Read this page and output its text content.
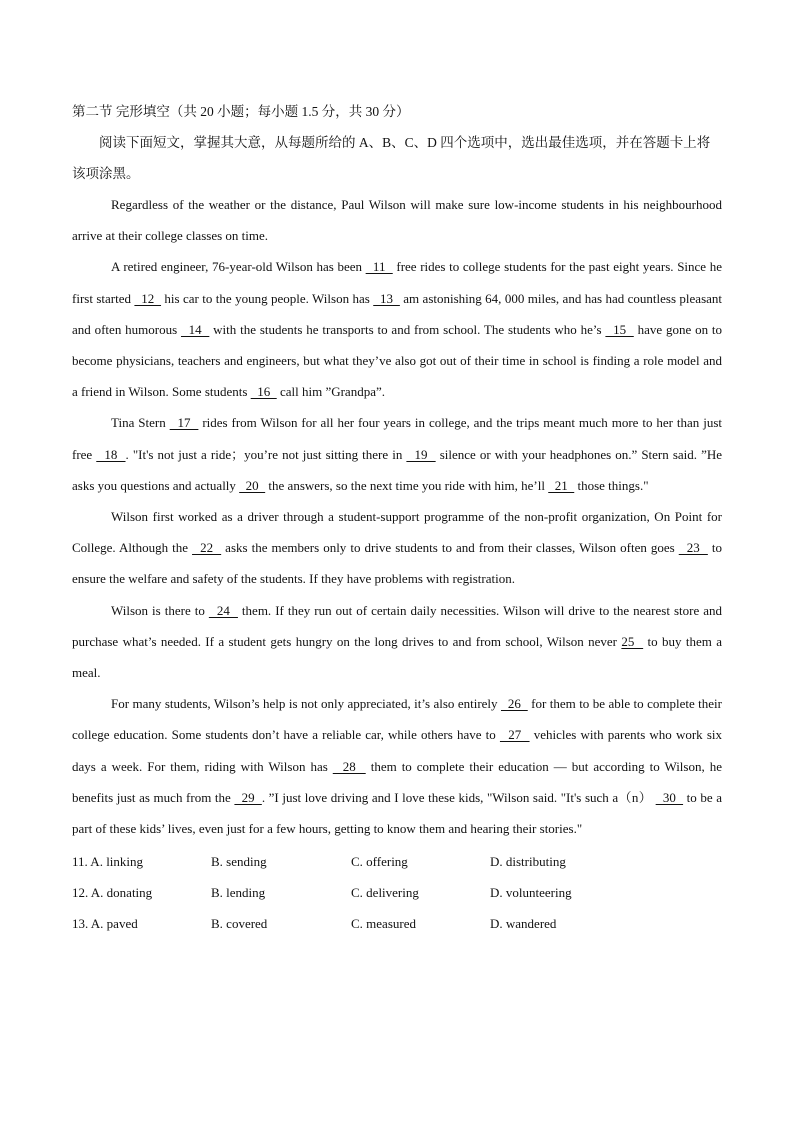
第二节 完形填空（共 20 小题；每小题 1.5 分，共 30 分）

阅读下面短文，掌握其大意，从每题所给的 A、B、C、D 四个选项中，选出最佳选项，并在答题卡上将该项涂黑。

Regardless of the weather or the distance, Paul Wilson will make sure low-income students in his neighbourhood arrive at their college classes on time.

A retired engineer, 76-year-old Wilson has been   11   free rides to college students for the past eight years. Since he first started   12   his car to the young people. Wilson has   13   am astonishing 64, 000 miles, and has had countless pleasant and often humorous   14   with the students he transports to and from school. The students who he’s   15   have gone on to become physicians, teachers and engineers, but what they’ve also got out of their time in school is finding a role model and a friend in Wilson. Some students   16   call him ”Grandpa”.

Tina Stern   17   rides from Wilson for all her four years in college, and the trips meant much more to her than just free   18  . "It's not just a ride；you’re not just sitting there in   19   silence or with your headphones on.” Stern said. ”He asks you questions and actually   20   the answers, so the next time you ride with him, he’ll   21   those things."

Wilson first worked as a driver through a student-support programme of the non-profit organization, On Point for College. Although the   22   asks the members only to drive students to and from their classes, Wilson often goes   23   to ensure the welfare and safety of the students. If they have problems with registration.

Wilson is there to   24   them. If they run out of certain daily necessities. Wilson will drive to the nearest store and purchase what’s needed. If a student gets hungry on the long drives to and from school, Wilson never 25   to buy them a meal.

For many students, Wilson’s help is not only appreciated, it’s also entirely   26   for them to be able to complete their college education. Some students don’t have a reliable car, while others have to   27   vehicles with parents who work six days a week. For them, riding with Wilson has   28   them to complete their education — but according to Wilson, he benefits just as much from the   29  . ”I just love driving and I love these kids, "Wilson said. "It's such a（n）   30   to be a part of these kids’ lives, even just for a few hours, getting to know them and hearing their stories."

11. A. linking	B. sending	C. offering	D. distributing
12. A. donating	B. lending	C. delivering	D. volunteering
13. A. paved	B. covered	C. measured	D. wandered
